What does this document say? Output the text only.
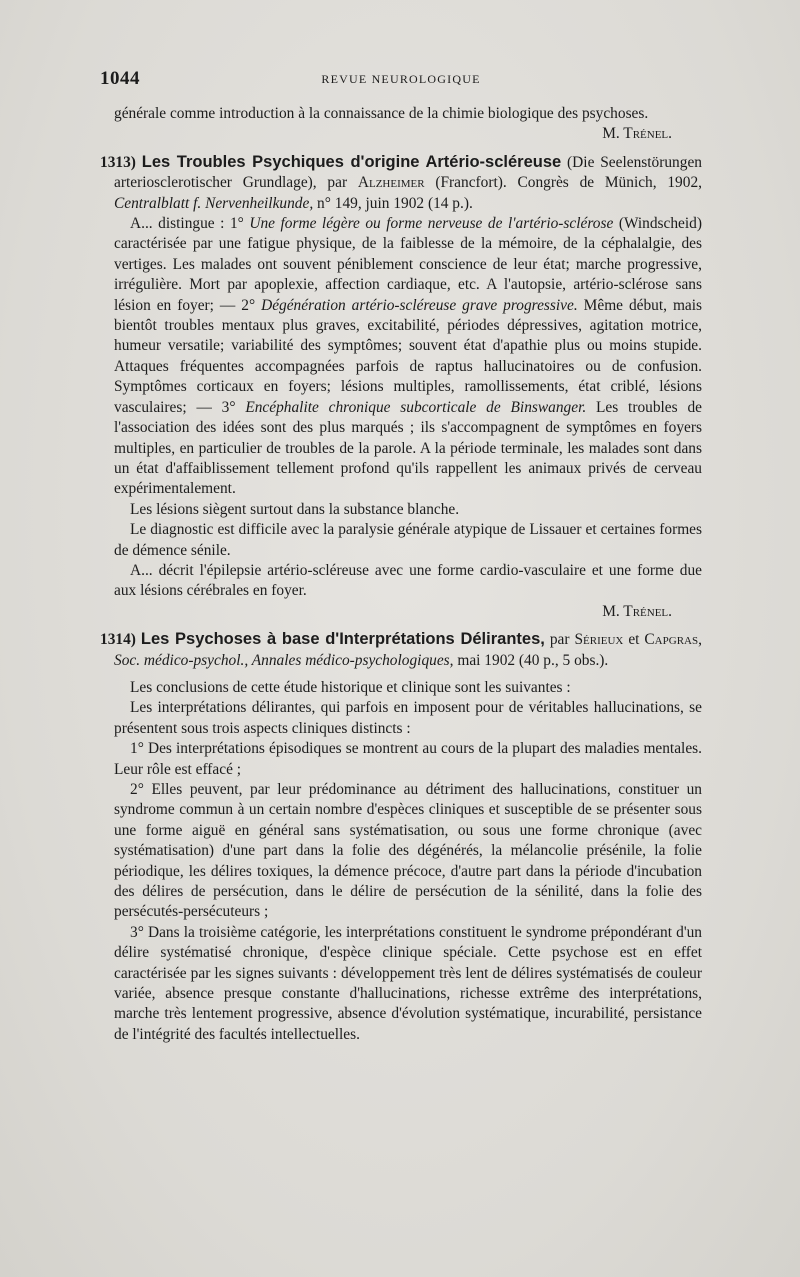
1044	REVUE NEUROLOGIQUE

générale comme introduction à la connaissance de la chimie biologique des psychoses.

M. Trénel.

1313) Les Troubles Psychiques d'origine Artério-scléreuse (Die Seelenstörungen arteriosclerotischer Grundlage), par Alzheimer (Francfort). Congrès de Münich, 1902, Centralblatt f. Nervenheilkunde, n° 149, juin 1902 (14 p.).

A... distingue : 1° Une forme légère ou forme nerveuse de l'artério-sclérose (Windscheid) caractérisée par une fatigue physique, de la faiblesse de la mémoire, de la céphalalgie, des vertiges. Les malades ont souvent péniblement conscience de leur état; marche progressive, irrégulière. Mort par apoplexie, affection cardiaque, etc. A l'autopsie, artério-sclérose sans lésion en foyer; — 2° Dégénération artério-scléreuse grave progressive. Même début, mais bientôt troubles mentaux plus graves, excitabilité, périodes dépressives, agitation motrice, humeur versatile; variabilité des symptômes; souvent état d'apathie plus ou moins stupide. Attaques fréquentes accompagnées parfois de raptus hallucinatoires ou de confusion. Symptômes corticaux en foyers; lésions multiples, ramollissements, état criblé, lésions vasculaires; — 3° Encéphalite chronique subcorticale de Binswanger. Les troubles de l'association des idées sont des plus marqués ; ils s'accompagnent de symptômes en foyers multiples, en particulier de troubles de la parole. A la période terminale, les malades sont dans un état d'affaiblissement tellement profond qu'ils rappellent les animaux privés de cerveau expérimentalement.

Les lésions siègent surtout dans la substance blanche.

Le diagnostic est difficile avec la paralysie générale atypique de Lissauer et certaines formes de démence sénile.

A... décrit l'épilepsie artério-scléreuse avec une forme cardio-vasculaire et une forme due aux lésions cérébrales en foyer.

M. Trénel.

1314) Les Psychoses à base d'Interprétations Délirantes, par Sérieux et Capgras, Soc. médico-psychol., Annales médico-psychologiques, mai 1902 (40 p., 5 obs.).

Les conclusions de cette étude historique et clinique sont les suivantes :

Les interprétations délirantes, qui parfois en imposent pour de véritables hallucinations, se présentent sous trois aspects cliniques distincts :

1° Des interprétations épisodiques se montrent au cours de la plupart des maladies mentales. Leur rôle est effacé ;

2° Elles peuvent, par leur prédominance au détriment des hallucinations, constituer un syndrome commun à un certain nombre d'espèces cliniques et susceptible de se présenter sous une forme aiguë en général sans systématisation, ou sous une forme chronique (avec systématisation) d'une part dans la folie des dégénérés, la mélancolie présénile, la folie périodique, les délires toxiques, la démence précoce, d'autre part dans la période d'incubation des délires de persécution, dans le délire de persécution de la sénilité, dans la folie des persécutés-persécuteurs ;

3° Dans la troisième catégorie, les interprétations constituent le syndrome prépondérant d'un délire systématisé chronique, d'espèce clinique spéciale. Cette psychose est en effet caractérisée par les signes suivants : développement très lent de délires systématisés de couleur variée, absence presque constante d'hallucinations, richesse extrême des interprétations, marche très lentement progressive, absence d'évolution systématique, incurabilité, persistance de l'intégrité des facultés intellectuelles.
